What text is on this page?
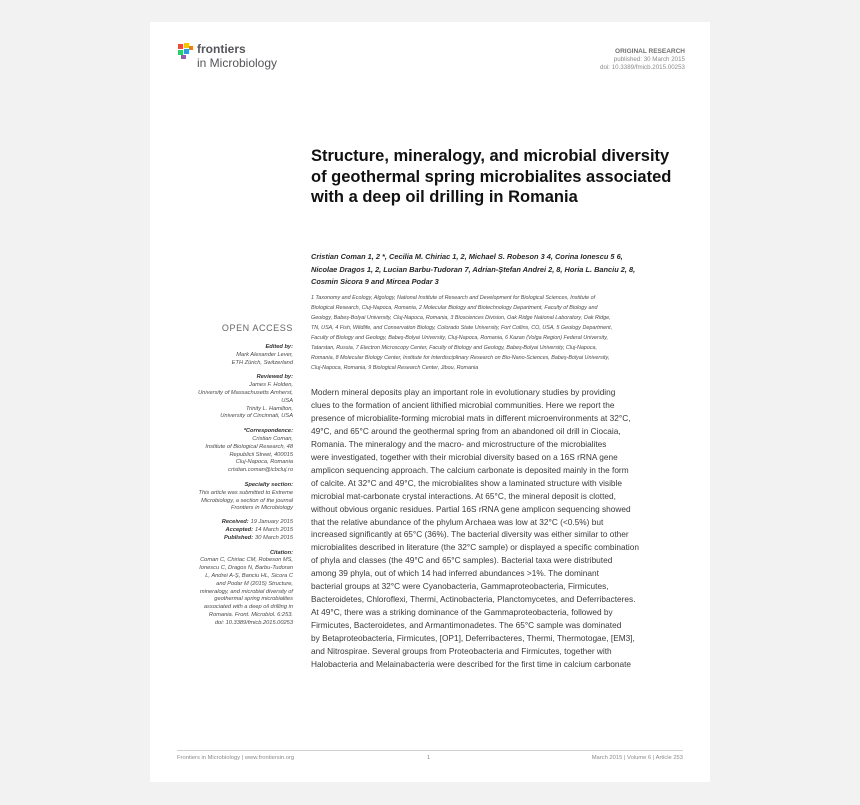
frontiers
in Microbiology
ORIGINAL RESEARCH
published: 30 March 2015
doi: 10.3389/fmicb.2015.00253
Structure, mineralogy, and microbial diversity of geothermal spring microbialites associated with a deep oil drilling in Romania
Cristian Coman 1, 2 *, Cecilia M. Chiriac 1, 2, Michael S. Robeson 3 4, Corina Ionescu 5 6,
Nicolae Dragos 1, 2, Lucian Barbu-Tudoran 7, Adrian-Ştefan Andrei 2, 8, Horia L. Banciu 2, 8,
Cosmin Sicora 9 and Mircea Podar 3
1 Taxonomy and Ecology, Algology, National Institute of Research and Development for Biological Sciences, Institute of
Biological Research, Cluj-Napoca, Romania, 2 Molecular Biology and Biotechnology Department, Faculty of Biology and
Geology, Babeş-Bolyai University, Cluj-Napoca, Romania, 3 Biosciences Division, Oak Ridge National Laboratory, Oak Ridge,
TN, USA, 4 Fish, Wildlife, and Conservation Biology, Colorado State University, Fort Collins, CO, USA, 5 Geology Department,
Faculty of Biology and Geology, Babeş-Bolyai University, Cluj-Napoca, Romania, 6 Kazan (Volga Region) Federal University,
Tatarstan, Russia, 7 Electron Microscopy Center, Faculty of Biology and Geology, Babeş-Bolyai University, Cluj-Napoca,
Romania, 8 Molecular Biology Center, Institute for Interdisciplinary Research on Bio-Nano-Sciences, Babeş-Bolyai University,
Cluj-Napoca, Romania, 9 Biological Research Center, Jibou, Romania
OPEN ACCESS
Edited by:
Mark Alexander Lever,
ETH Zürich, Switzerland
Reviewed by:
James F. Holden,
University of Massachusetts Amherst,
USA
Trinity L. Hamilton,
University of Cincinnati, USA
*Correspondence:
Cristian Coman,
Institute of Biological Research, 48
Republicii Street, 400015
Cluj-Napoca, Romania
cristian.coman@icbcluj.ro
Specialty section:
This article was submitted to Extreme
Microbiology, a section of the journal
Frontiers in Microbiology
Received: 19 January 2015
Accepted: 14 March 2015
Published: 30 March 2015
Citation:
Coman C, Chiriac CM, Robeson MS,
Ionescu C, Dragos N, Barbu-Tudoran
L, Andrei A-Ş, Banciu HL, Sicora C
and Podar M (2015) Structure,
mineralogy, and microbial diversity of
geothermal spring microbialites
associated with a deep oil drilling in
Romania. Front. Microbiol. 6:253.
doi: 10.3389/fmicb.2015.00253
Modern mineral deposits play an important role in evolutionary studies by providing
clues to the formation of ancient lithified microbial communities. Here we report the
presence of microbialite-forming microbial mats in different microenvironments at 32°C,
49°C, and 65°C around the geothermal spring from an abandoned oil drill in Ciocaia,
Romania. The mineralogy and the macro- and microstructure of the microbialites
were investigated, together with their microbial diversity based on a 16S rRNA gene
amplicon sequencing approach. The calcium carbonate is deposited mainly in the form
of calcite. At 32°C and 49°C, the microbialites show a laminated structure with visible
microbial mat-carbonate crystal interactions. At 65°C, the mineral deposit is clotted,
without obvious organic residues. Partial 16S rRNA gene amplicon sequencing showed
that the relative abundance of the phylum Archaea was low at 32°C (<0.5%) but
increased significantly at 65°C (36%). The bacterial diversity was either similar to other
microbialites described in literature (the 32°C sample) or displayed a specific combination
of phyla and classes (the 49°C and 65°C samples). Bacterial taxa were distributed
among 39 phyla, out of which 14 had inferred abundances >1%. The dominant
bacterial groups at 32°C were Cyanobacteria, Gammaproteobacteria, Firmicutes,
Bacteroidetes, Chloroflexi, Thermi, Actinobacteria, Planctomycetes, and Deferribacteres.
At 49°C, there was a striking dominance of the Gammaproteobacteria, followed by
Firmicutes, Bacteroidetes, and Armantimonadetes. The 65°C sample was dominated
by Betaproteobacteria, Firmicutes, [OP1], Deferribacteres, Thermi, Thermotogae, [EM3],
and Nitrospirae. Several groups from Proteobacteria and Firmicutes, together with
Halobacteria and Melainabacteria were described for the first time in calcium carbonate
Frontiers in Microbiology | www.frontiersin.org	1	March 2015 | Volume 6 | Article 253
